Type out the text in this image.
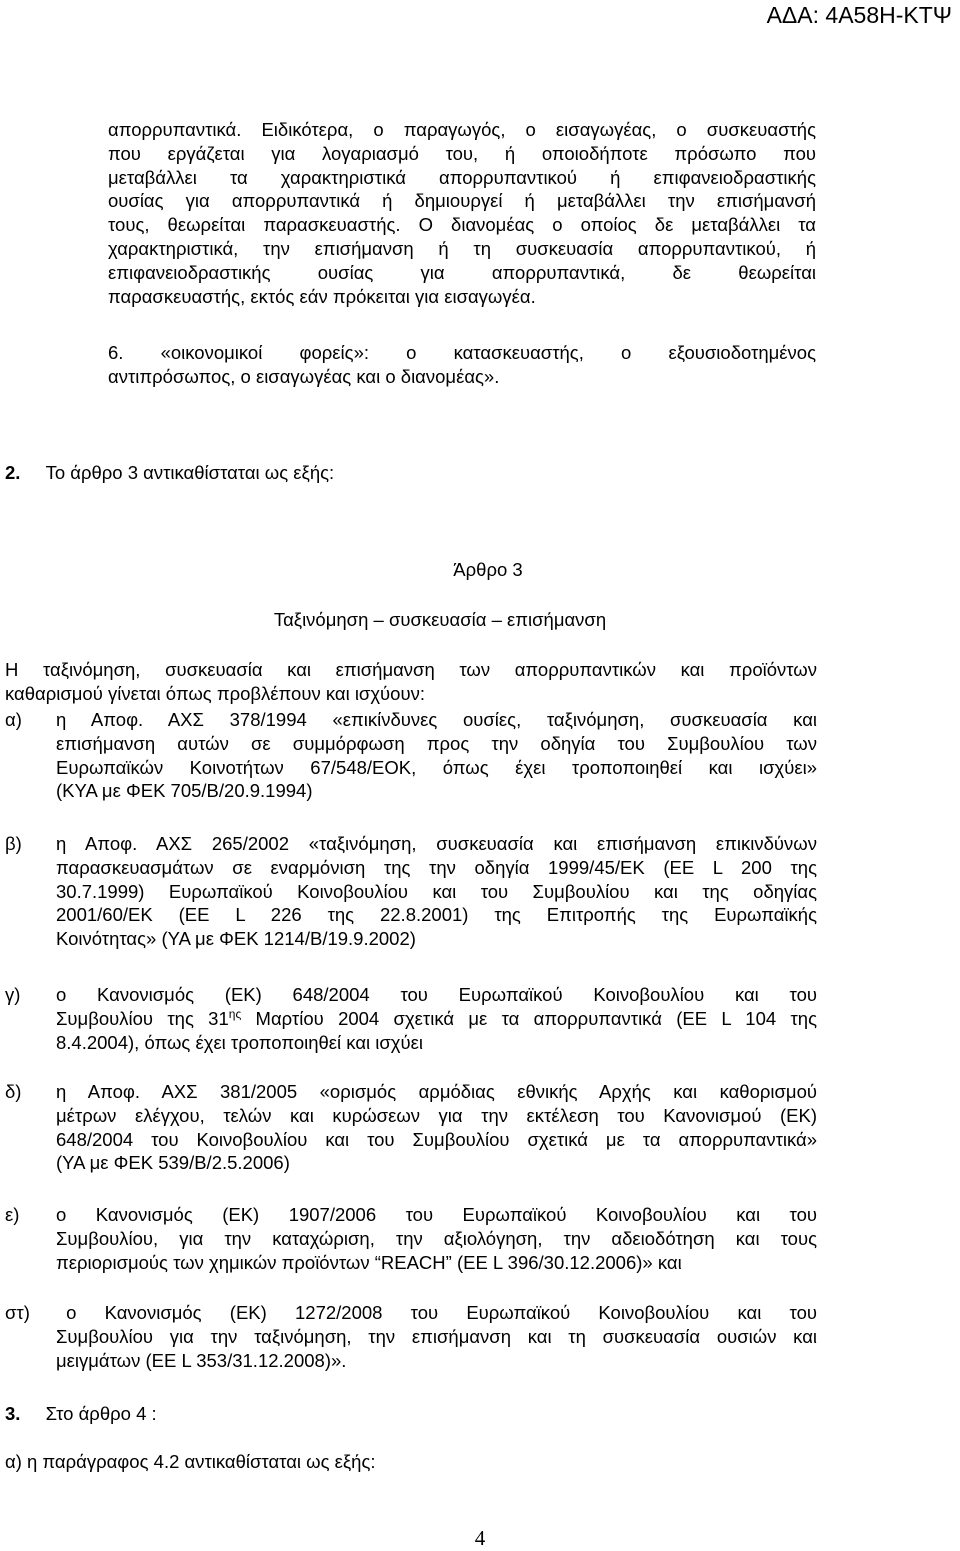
ΑΔΑ: 4Α58Η-ΚΤΨ
απορρυπαντικά. Ειδικότερα, ο παραγωγός, ο εισαγωγέας, ο συσκευαστής
που εργάζεται για λογαριασμό του, ή οποιοδήποτε πρόσωπο που
μεταβάλλει τα χαρακτηριστικά απορρυπαντικού ή επιφανειοδραστικής
ουσίας για απορρυπαντικά ή δημιουργεί ή μεταβάλλει την επισήμανσή
τους, θεωρείται παρασκευαστής. Ο διανομέας ο οποίος δε μεταβάλλει τα
χαρακτηριστικά, την επισήμανση ή τη συσκευασία απορρυπαντικού, ή
επιφανειοδραστικής ουσίας για απορρυπαντικά, δε θεωρείται
παρασκευαστής, εκτός εάν πρόκειται για εισαγωγέα.
6. «οικονομικοί φορείς»: ο κατασκευαστής, ο εξουσιοδοτημένος
αντιπρόσωπος, ο εισαγωγέας και ο διανομέας».
2. Το άρθρο 3 αντικαθίσταται ως εξής:
Άρθρο 3
Ταξινόμηση – συσκευασία – επισήμανση
Η ταξινόμηση, συσκευασία και επισήμανση των απορρυπαντικών και προϊόντων
καθαρισμού γίνεται όπως προβλέπουν και ισχύουν:
α) η Αποφ. ΑΧΣ 378/1994 «επικίνδυνες ουσίες, ταξινόμηση, συσκευασία και
επισήμανση αυτών σε συμμόρφωση προς την οδηγία του Συμβουλίου των
Ευρωπαϊκών Κοινοτήτων 67/548/ΕΟΚ, όπως έχει τροποποιηθεί και ισχύει»
(ΚΥΑ με ΦΕΚ 705/Β/20.9.1994)
β) η Αποφ. ΑΧΣ 265/2002 «ταξινόμηση, συσκευασία και επισήμανση επικινδύνων
παρασκευασμάτων σε εναρμόνιση της την οδηγία 1999/45/ΕΚ (ΕΕ L 200 της
30.7.1999) Ευρωπαϊκού Κοινοβουλίου και του Συμβουλίου και της οδηγίας
2001/60/ΕΚ (ΕΕ L 226 της 22.8.2001) της Επιτροπής της Ευρωπαϊκής
Κοινότητας» (ΥΑ με ΦΕΚ 1214/Β/19.9.2002)
γ) ο Κανονισμός (ΕΚ) 648/2004 του Ευρωπαϊκού Κοινοβουλίου και του
Συμβουλίου της $31^{\eta\varsigma}$ Μαρτίου 2004 σχετικά με τα απορρυπαντικά (ΕΕ L 104 της
8.4.2004), όπως έχει τροποποιηθεί και ισχύει
δ) η Αποφ. ΑΧΣ 381/2005 «ορισμός αρμόδιας εθνικής Αρχής και καθορισμού
μέτρων ελέγχου, τελών και κυρώσεων για την εκτέλεση του Κανονισμού (ΕΚ)
648/2004 του Κοινοβουλίου και του Συμβουλίου σχετικά με τα απορρυπαντικά»
(ΥΑ με ΦΕΚ 539/Β/2.5.2006)
ε) ο Κανονισμός (ΕΚ) 1907/2006 του Ευρωπαϊκού Κοινοβουλίου και του
Συμβουλίου, για την καταχώριση, την αξιολόγηση, την αδειοδότηση και τους
περιορισμούς των χημικών προϊόντων “REACH” (ΕΕ L 396/30.12.2006)» και
στ) ο Κανονισμός (ΕΚ) 1272/2008 του Ευρωπαϊκού Κοινοβουλίου και του
Συμβουλίου για την ταξινόμηση, την επισήμανση και τη συσκευασία ουσιών και
μειγμάτων (ΕΕ L 353/31.12.2008)».
3. Στο άρθρο 4 :
α) η παράγραφος 4.2 αντικαθίσταται ως εξής:
4
